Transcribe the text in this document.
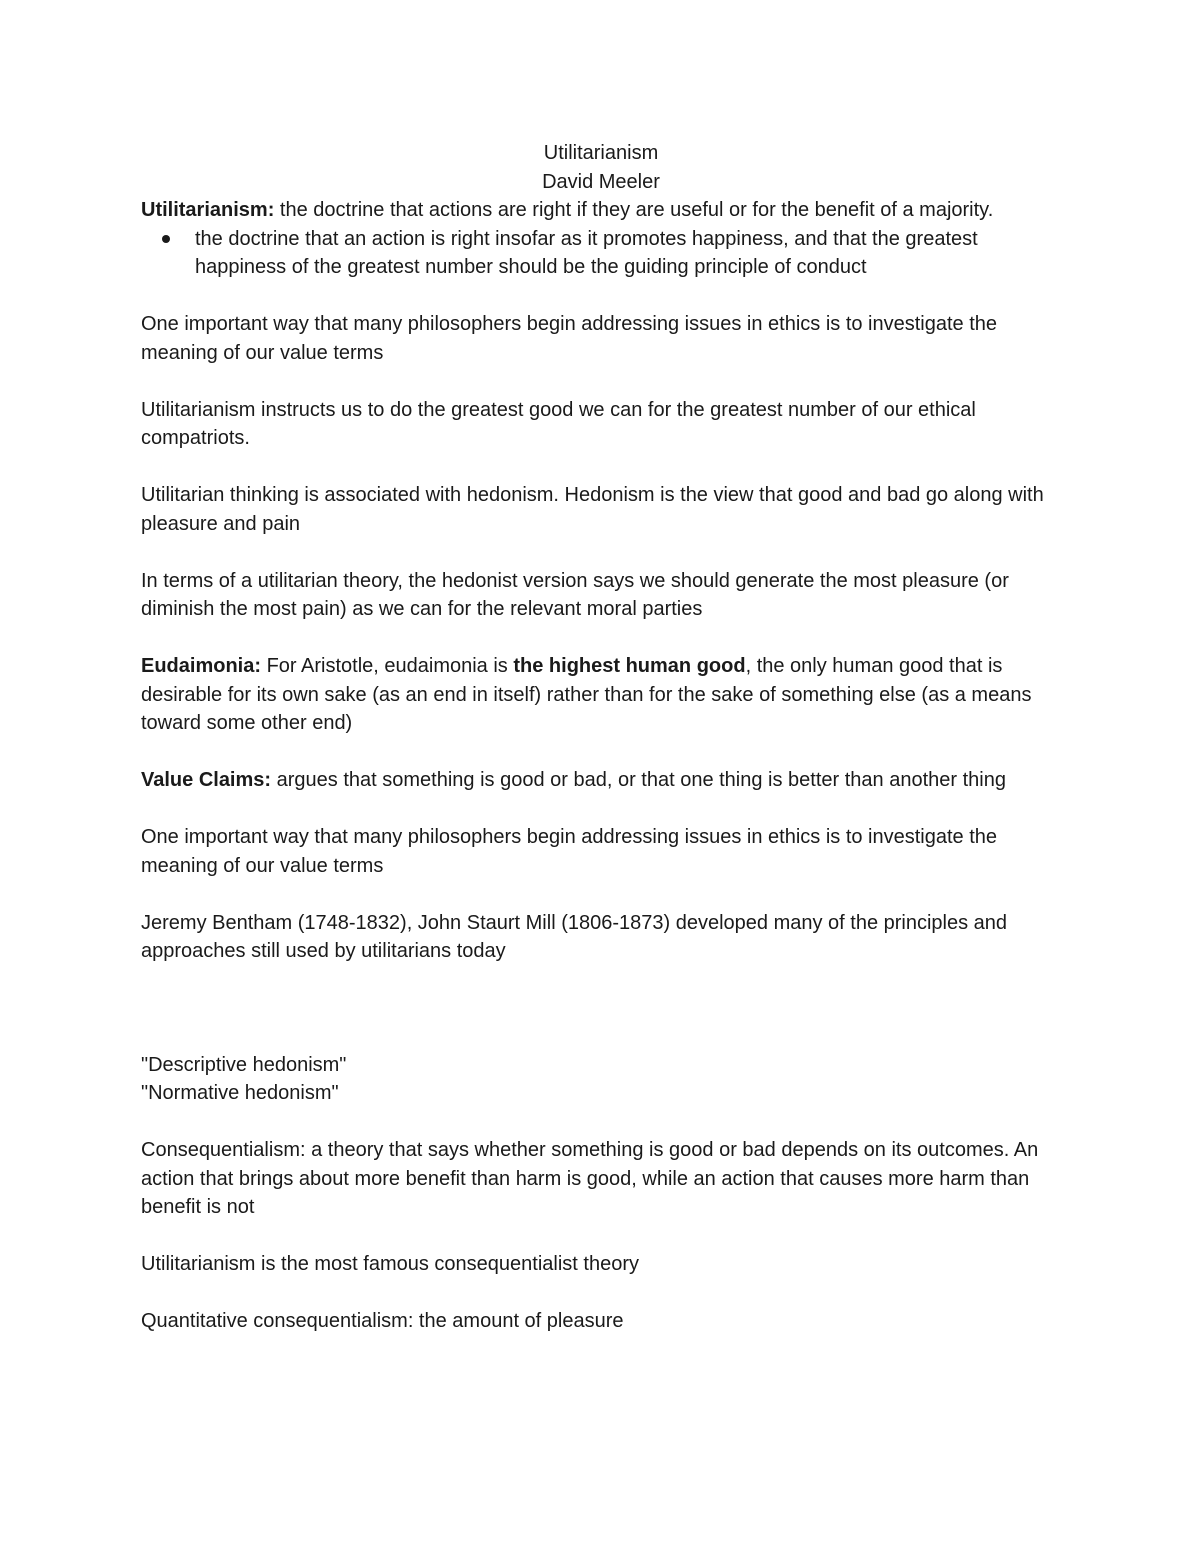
Utilitarianism

David Meeler

Utilitarianism: the doctrine that actions are right if they are useful or for the benefit of a majority.

the doctrine that an action is right insofar as it promotes happiness, and that the greatest happiness of the greatest number should be the guiding principle of conduct

One important way that many philosophers begin addressing issues in ethics is to investigate the meaning of our value terms

Utilitarianism instructs us to do the greatest good we can for the greatest number of our ethical compatriots.

Utilitarian thinking is associated with hedonism. Hedonism is the view that good and bad go along with pleasure and pain

In terms of a utilitarian theory, the hedonist version says we should generate the most pleasure (or diminish the most pain) as we can for the relevant moral parties

Eudaimonia: For Aristotle, eudaimonia is the highest human good, the only human good that is desirable for its own sake (as an end in itself) rather than for the sake of something else (as a means toward some other end)

Value Claims: argues that something is good or bad, or that one thing is better than another thing

One important way that many philosophers begin addressing issues in ethics is to investigate the meaning of our value terms

Jeremy Bentham (1748-1832), John Staurt Mill (1806-1873) developed many of the principles and approaches still used by utilitarians today

"Descriptive hedonism"

"Normative hedonism"

Consequentialism: a theory that says whether something is good or bad depends on its outcomes. An action that brings about more benefit than harm is good, while an action that causes more harm than benefit is not

Utilitarianism is the most famous consequentialist theory

Quantitative consequentialism: the amount of pleasure
